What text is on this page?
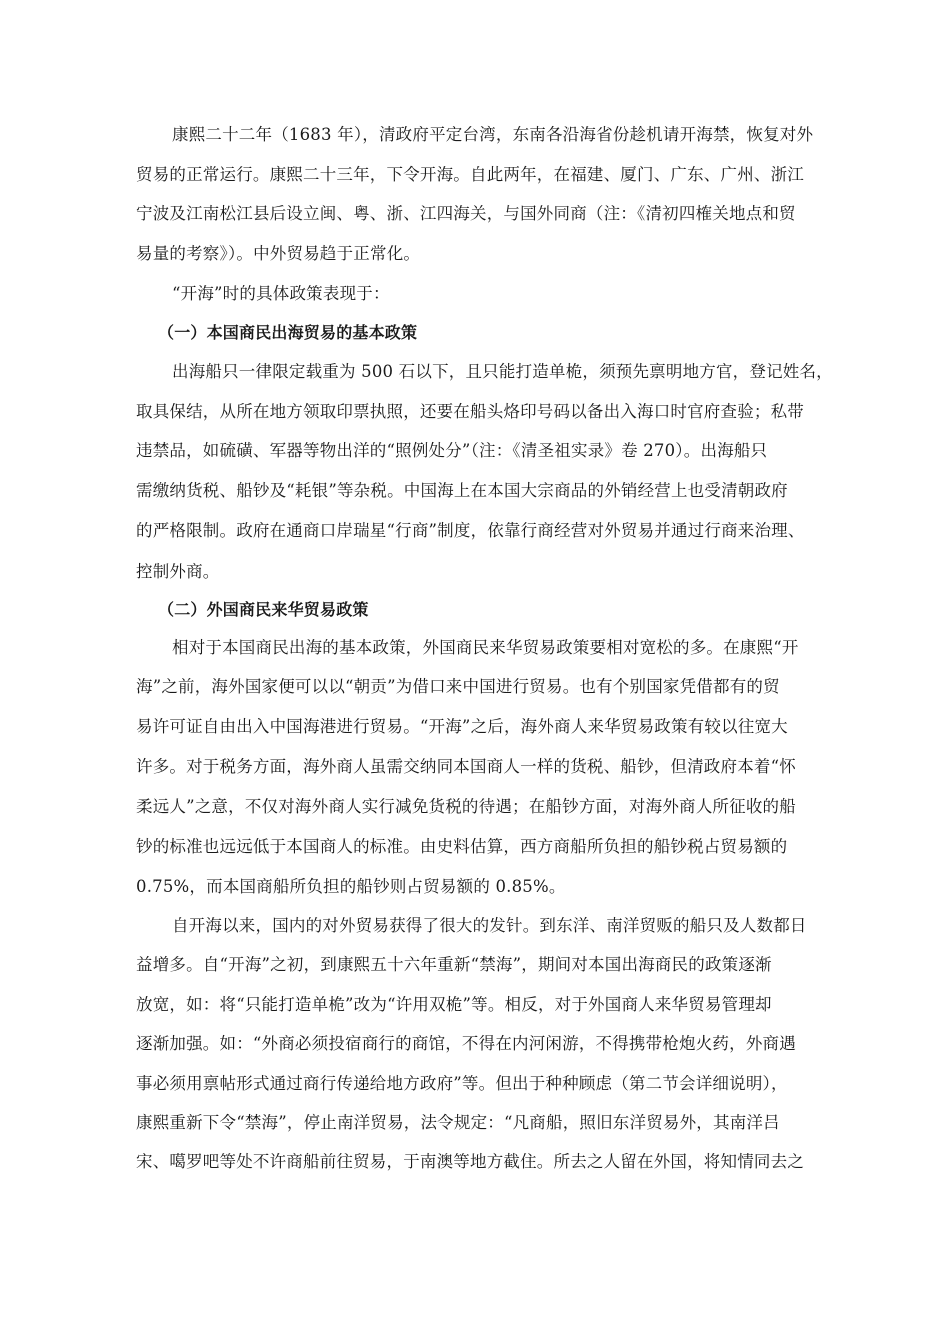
康熙二十二年（1683 年），清政府平定台湾，东南各沿海省份趁机请开海禁，恢复对外
贸易的正常运行。康熙二十三年，下令开海。自此两年，在福建、厦门、广东、广州、浙江
宁波及江南松江县后设立闽、粤、浙、江四海关，与国外同商（注：《清初四榷关地点和贸
易量的考察》）。中外贸易趋于正常化。
“开海”时的具体政策表现于：
（一）本国商民出海贸易的基本政策
出海船只一律限定载重为 500 石以下，且只能打造单桅，须预先禀明地方官，登记姓名，
取具保结，从所在地方领取印票执照，还要在船头烙印号码以备出入海口时官府查验；私带
违禁品，如硫磺、军器等物出洋的“照例处分”（注：《清圣祖实录》卷 270）。出海船只
需缴纳货税、船钞及“耗银”等杂税。中国海上在本国大宗商品的外销经营上也受清朝政府
的严格限制。政府在通商口岸瑞星“行商”制度，依靠行商经营对外贸易并通过行商来治理、
控制外商。
（二）外国商民来华贸易政策
相对于本国商民出海的基本政策，外国商民来华贸易政策要相对宽松的多。在康熙“开
海”之前，海外国家便可以以“朝贡”为借口来中国进行贸易。也有个别国家凭借都有的贸
易许可证自由出入中国海港进行贸易。“开海”之后，海外商人来华贸易政策有较以往宽大
许多。对于税务方面，海外商人虽需交纳同本国商人一样的货税、船钞，但清政府本着“怀
柔远人”之意，不仅对海外商人实行减免货税的待遇；在船钞方面，对海外商人所征收的船
钞的标准也远远低于本国商人的标准。由史料估算，西方商船所负担的船钞税占贸易额的
0.75%，而本国商船所负担的船钞则占贸易额的 0.85%。
自开海以来，国内的对外贸易获得了很大的发针。到东洋、南洋贸贩的船只及人数都日
益增多。自“开海”之初，到康熙五十六年重新“禁海”，期间对本国出海商民的政策逐渐
放宽，如：将“只能打造单桅”改为“许用双桅”等。相反，对于外国商人来华贸易管理却
逐渐加强。如：“外商必须投宿商行的商馆，不得在内河闲游，不得携带枪炮火药，外商遇
事必须用禀帖形式通过商行传递给地方政府”等。但出于种种顾虑（第二节会详细说明），
康熙重新下令“禁海”，停止南洋贸易，法令规定：“凡商船，照旧东洋贸易外，其南洋吕
宋、噶罗吧等处不许商船前往贸易，于南澳等地方截住。所去之人留在外国，将知情同去之
